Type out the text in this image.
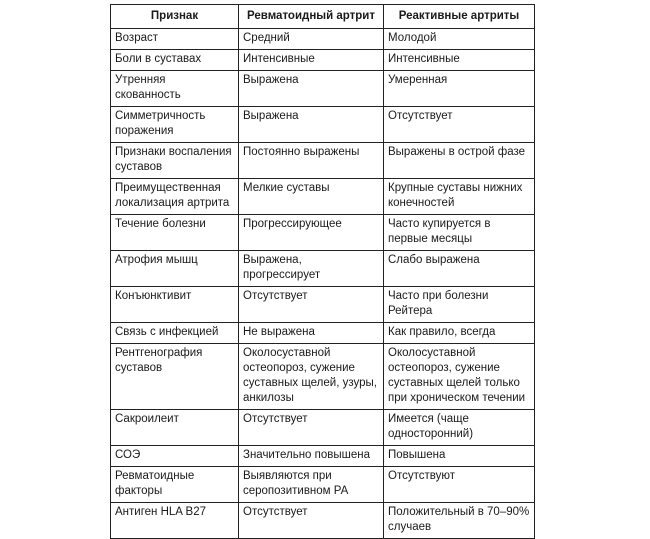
Признак	Ревматоидный артрит	Реактивные артриты
Возраст	Средний	Молодой
Боли в суставах	Интенсивные	Интенсивные
Утренняя скованность	Выражена	Умеренная
Симметричность поражения	Выражена	Отсутствует
Признаки воспаления суставов	Постоянно выражены	Выражены в острой фазе
Преимущественная локализация артрита	Мелкие суставы	Крупные суставы нижних конечностей
Течение болезни	Прогрессирующее	Часто купируется в первые месяцы
Атрофия мышц	Выражена, прогрессирует	Слабо выражена
Конъюнктивит	Отсутствует	Часто при болезни Рейтера
Связь с инфекцией	Не выражена	Как правило, всегда
Рентгенография суставов	Околосуставной остеопороз, сужение суставных щелей, узуры, анкилозы	Околосуставной остеопороз, сужение суставных щелей только при хроническом течении
Сакроилеит	Отсутствует	Имеется (чаще односторонний)
СОЭ	Значительно повышена	Повышена
Ревматоидные факторы	Выявляются при серопозитивном РА	Отсутствуют
Антиген HLA B27	Отсутствует	Положительный в 70–90% случаев
